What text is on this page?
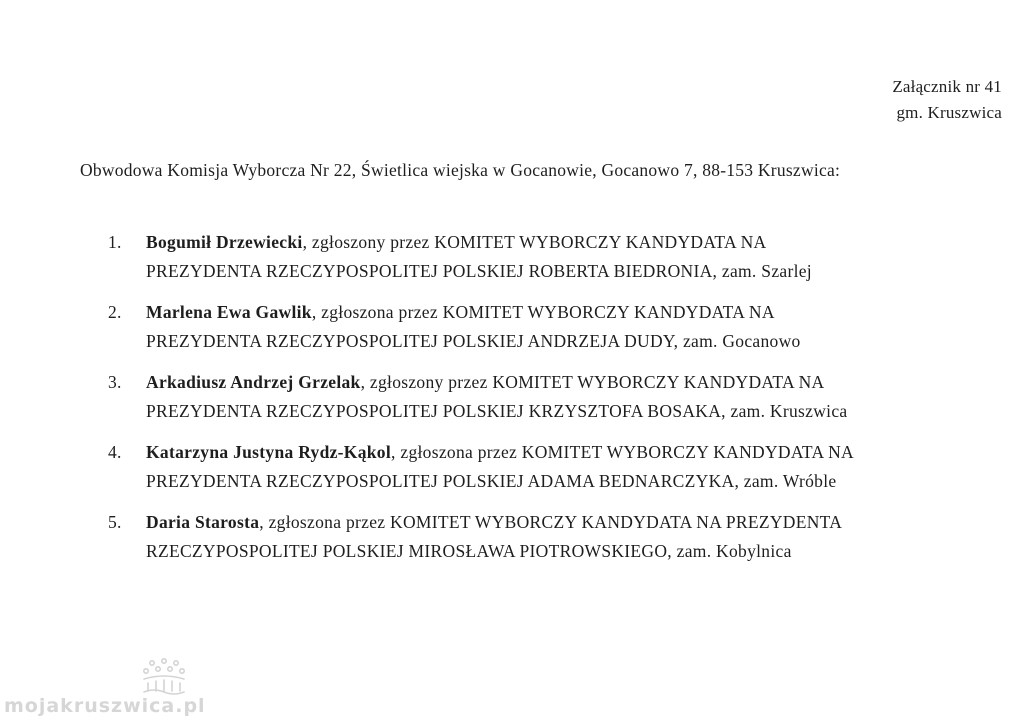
Załącznik nr 41
gm. Kruszwica
Obwodowa Komisja Wyborcza Nr 22, Świetlica wiejska w Gocanowie, Gocanowo 7, 88-153 Kruszwica:
1. Bogumił Drzewiecki, zgłoszony przez KOMITET WYBORCZY KANDYDATA NA
PREZYDENTA RZECZYPOSPOLITEJ POLSKIEJ ROBERTA BIEDRONIA, zam. Szarlej
2. Marlena Ewa Gawlik, zgłoszona przez KOMITET WYBORCZY KANDYDATA NA
PREZYDENTA RZECZYPOSPOLITEJ POLSKIEJ ANDRZEJA DUDY, zam. Gocanowo
3. Arkadiusz Andrzej Grzelak, zgłoszony przez KOMITET WYBORCZY KANDYDATA NA
PREZYDENTA RZECZYPOSPOLITEJ POLSKIEJ KRZYSZTOFA BOSAKA, zam. Kruszwica
4. Katarzyna Justyna Rydz-Kąkol, zgłoszona przez KOMITET WYBORCZY KANDYDATA NA
PREZYDENTA RZECZYPOSPOLITEJ POLSKIEJ ADAMA BEDNARCZYKA, zam. Wróble
5. Daria Starosta, zgłoszona przez KOMITET WYBORCZY KANDYDATA NA PREZYDENTA
RZECZYPOSPOLITEJ POLSKIEJ MIROSŁAWA PIOTROWSKIEGO, zam. Kobylnica
mojakruszwica.pl
